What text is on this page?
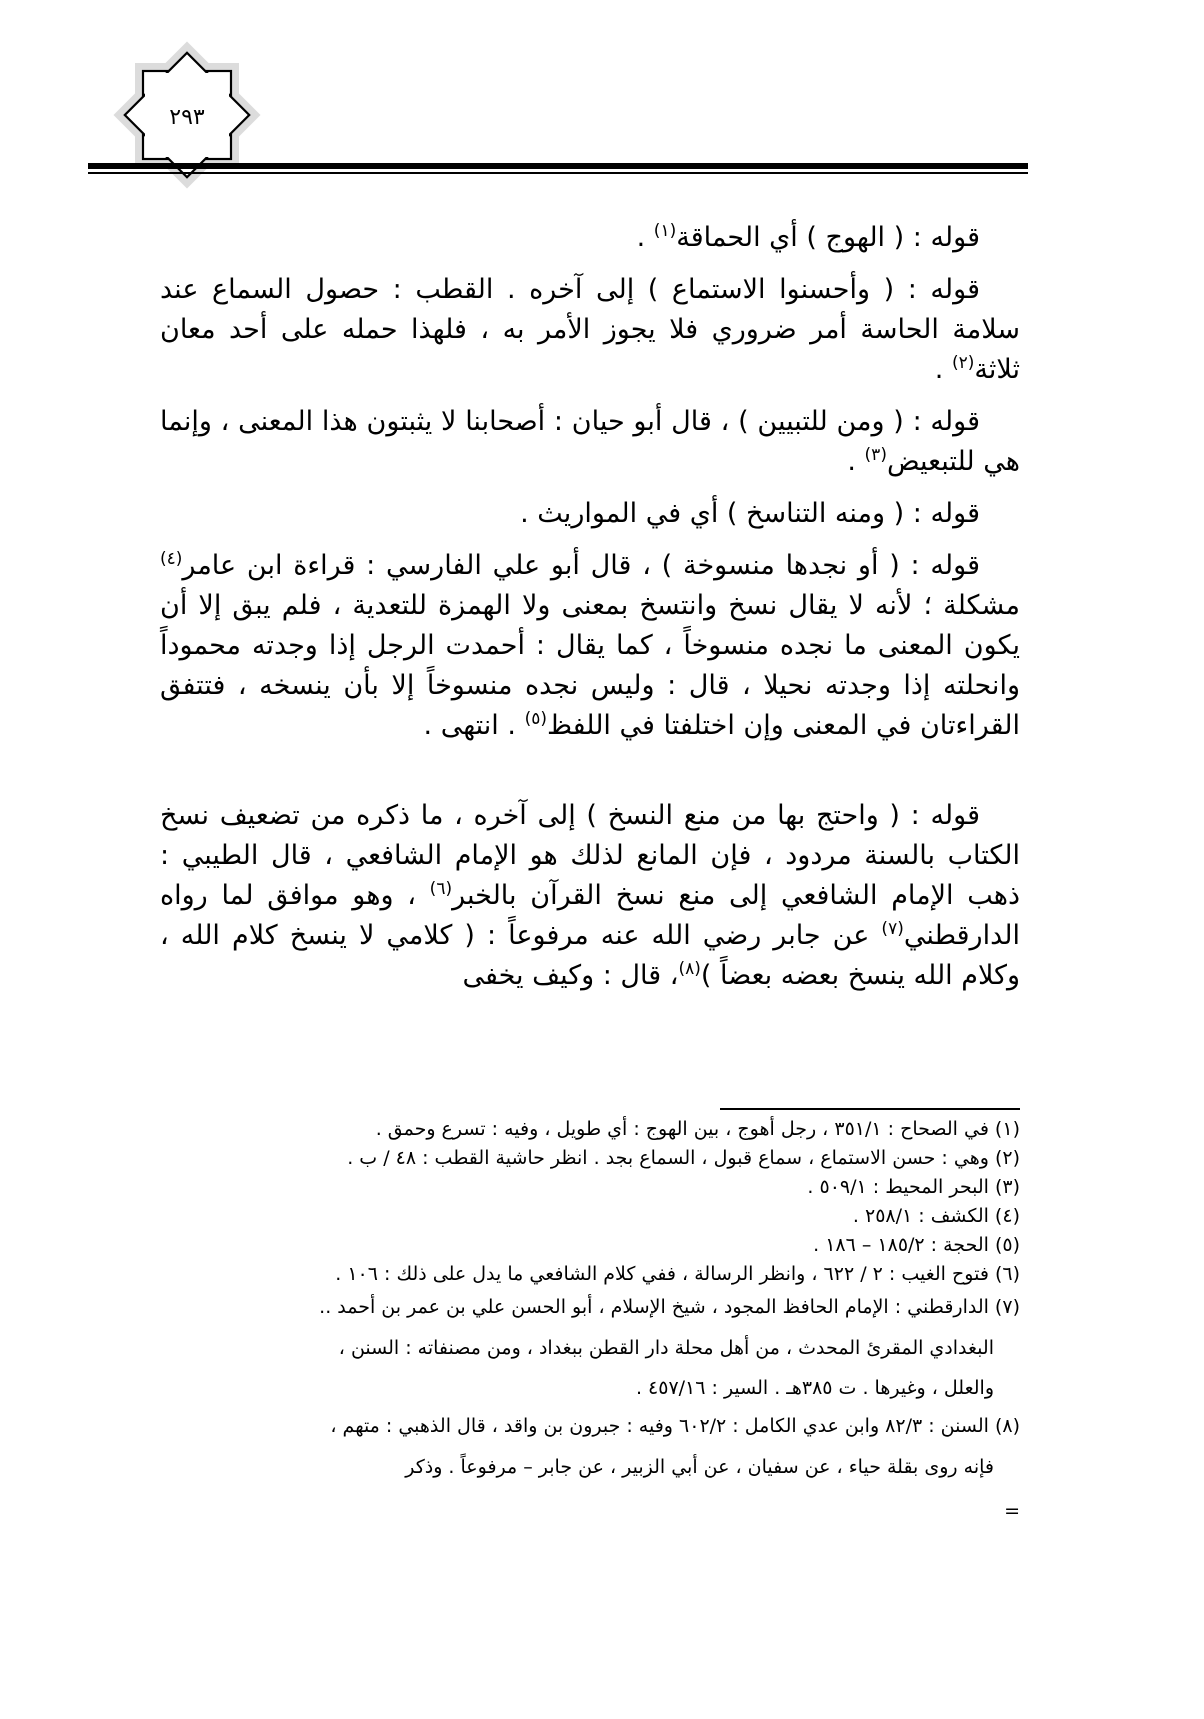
٢٩٣

قوله : ( الهوج ) أي الحماقة$^{(١)}$ .

قوله : ( وأحسنوا الاستماع ) إلى آخره . القطب : حصول السماع عند سلامة الحاسة أمر ضروري فلا يجوز الأمر به ، فلهذا حمله على أحد معان ثلاثة$^{(٢)}$ .

قوله : ( ومن للتبيين ) ، قال أبو حيان : أصحابنا لا يثبتون هذا المعنى ، وإنما هي للتبعيض$^{(٣)}$ .

قوله : ( ومنه التناسخ ) أي في المواريث .

قوله : ( أو نجدها منسوخة ) ، قال أبو علي الفارسي : قراءة ابن عامر$^{(٤)}$ مشكلة ؛ لأنه لا يقال نسخ وانتسخ بمعنى ولا الهمزة للتعدية ، فلم يبق إلا أن يكون المعنى ما نجده منسوخاً ، كما يقال : أحمدت الرجل إذا وجدته محموداً وانحلته إذا وجدته نحيلا ، قال : وليس نجده منسوخاً إلا بأن ينسخه ، فتتفق القراءتان في المعنى وإن اختلفتا في اللفظ$^{(٥)}$ . انتهى .

قوله : ( واحتج بها من منع النسخ ) إلى آخره ، ما ذكره من تضعيف نسخ الكتاب بالسنة مردود ، فإن المانع لذلك هو الإمام الشافعي ، قال الطيبي : ذهب الإمام الشافعي إلى منع نسخ القرآن بالخبر$^{(٦)}$ ، وهو موافق لما رواه الدارقطني$^{(٧)}$ عن جابر رضي الله عنه مرفوعاً : ( كلامي لا ينسخ كلام الله ، وكلام الله ينسخ بعضه بعضاً )$^{(٨)}$، قال : وكيف يخفى

(١) في الصحاح : ٣٥١/١ ، رجل أهوج ، بين الهوج : أي طويل ، وفيه : تسرع وحمق .

(٢) وهي : حسن الاستماع ، سماع قبول ، السماع بجد . انظر حاشية القطب : ٤٨ / ب .

(٣) البحر المحيط : ٥٠٩/١ .

(٤) الكشف : ٢٥٨/١ .

(٥) الحجة : ١٨٥/٢ – ١٨٦ .

(٦) فتوح الغيب : ٢ / ٦٢٢ ، وانظر الرسالة ، ففي كلام الشافعي ما يدل على ذلك : ١٠٦ .

(٧) الدارقطني : الإمام الحافظ المجود ، شيخ الإسلام ، أبو الحسن علي بن عمر بن أحمد ..

البغدادي المقرئ المحدث ، من أهل محلة دار القطن ببغداد ، ومن مصنفاته : السنن ،

والعلل ، وغيرها . ت ٣٨٥هـ . السير : ٤٥٧/١٦ .

(٨) السنن : ٨٢/٣ وابن عدي الكامل : ٦٠٢/٢ وفيه : جبرون بن واقد ، قال الذهبي : متهم ،

فإنه روى بقلة حياء ، عن سفيان ، عن أبي الزبير ، عن جابر – مرفوعاً . وذكر

=
